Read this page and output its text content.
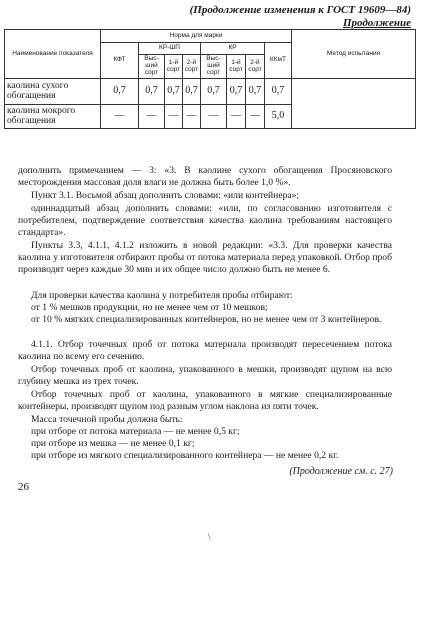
(Продолжение изменения к ГОСТ 19609—84)
Продолжение
Наименование показателя	Норма для марки								Метод испытания
	КФТ	КР-ШП			КР			ККмТ	
		Выс-ший сорт	1-й сорт	2-й сорт	Выс-ший сорт	1-й сорт	2-й сорт		
каолина сухого обогащения	0,7	0,7	0,7	0,7	0,7	0,7	0,7	0,7	
каолина мокрого обогащения	—	—	—	—	—	—	—	5,0	
дополнить примечанием — 3: «3. В каолине сухого обогащения Просяновского месторождения массовая доля влаги не должна быть более 1,0 %».
Пункт 3.1. Восьмой абзац дополнить словами: «или контейнера»;
одиннадцатый абзац дополнить словами: «или, по согласованию изготовителя с потребителем, подтверждение соответствия качества каолина требованиям настоящего стандарта».
Пункты 3.3, 4.1.1, 4.1.2 изложить в новой редакции: «3.3. Для проверки качества каолина у изготовителя отбирают пробы от потока материала перед упаковкой. Отбор проб производят через каждые 30 мин и их общее число должно быть не менее 6.
Для проверки качества каолина у потребителя пробы отбирают:
от 1 % мешков продукции, но не менее чем от 10 мешков;
от 10 % мягких специализированных контейнеров, но не менее чем от 3 контейнеров.
4.1.1. Отбор точечных проб от потока материала производят пересечением потока каолина по всему его сечению.
Отбор точечных проб от каолина, упакованного в мешки, производят щупом на всю глубину мешка из трех точек.
Отбор точечных проб от каолина, упакованного в мягкие специализированные контейнеры, производят щупом под разным углом наклона из пяти точек.
Масса точечной пробы должна быть:
при отборе от потока материала — не менее 0,5 кг;
при отборе из мешка — не менее 0,1 кг;
при отборе из мягкого специализированного контейнера — не менее 0,2 кг.
(Продолжение см. с. 27)
26
\
